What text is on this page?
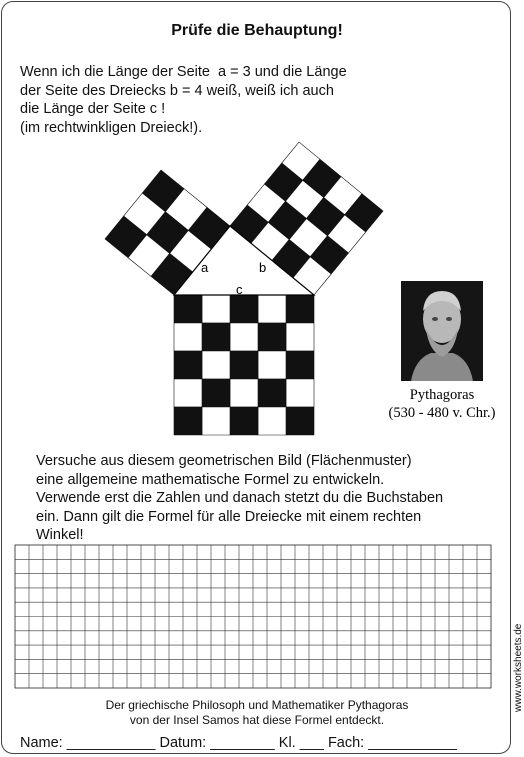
Prüfe die Behauptung!
Wenn ich die Länge der Seite  a = 3 und die Länge
der Seite des Dreiecks b = 4 weiß, weiß ich auch
die Länge der Seite c !
(im rechtwinkligen Dreieck!).
Versuche aus diesem geometrischen Bild (Flächenmuster)
eine allgemeine mathematische Formel zu entwickeln.
Verwende erst die Zahlen und danach stetzt du die Buchstaben
ein. Dann gilt die Formel für alle Dreiecke mit einem rechten
Winkel!
Der griechische Philosoph und Mathematiker Pythagoras
von der Insel Samos hat diese Formel entdeckt.
Name: ___________ Datum: ________ Kl. ___ Fach: ___________
www.worksheets.de
Pythagoras
(530 - 480 v. Chr.)
a	b
c
